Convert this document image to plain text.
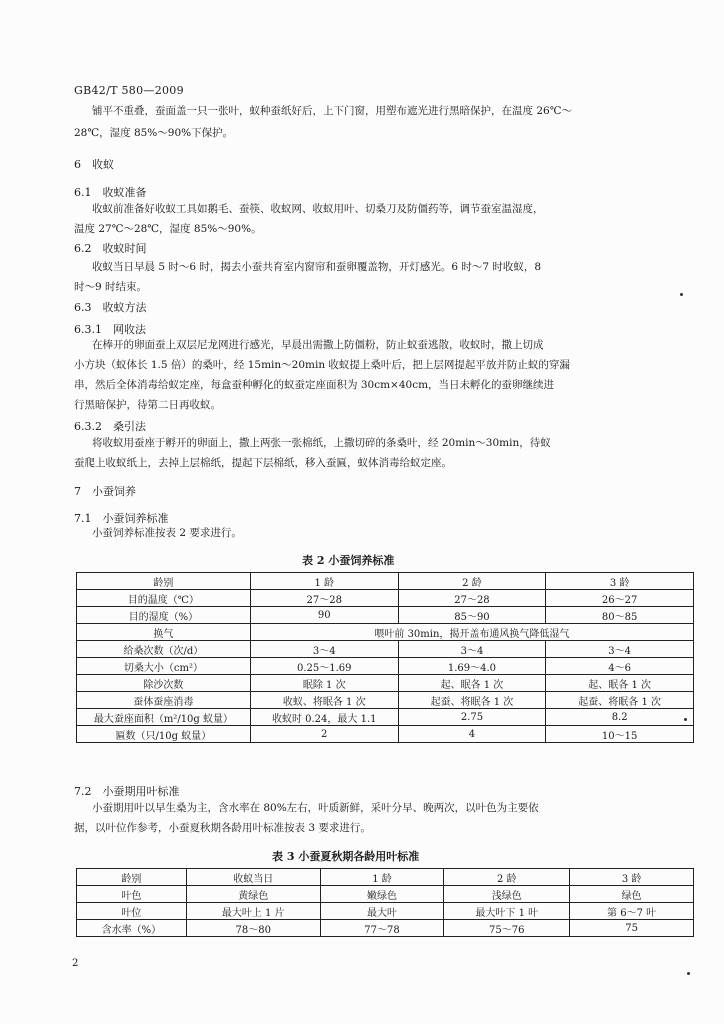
GB42/T 580—2009
铺平不重叠，蚕面盖一只一张叶，蚁种蚕纸好后，上下门窗，用塑布遮光进行黑暗保护，在温度 26℃～
28℃，湿度 85%～90%下保护。
6　收蚁
6.1　收蚁准备
收蚁前准备好收蚁工具如鹅毛、蚕筷、收蚁网、收蚁用叶、切桑刀及防僵药等，调节蚕室温湿度，
温度 27℃～28℃，湿度 85%～90%。
6.2　收蚁时间
收蚁当日早晨 5 时～6 时，揭去小蚕共育室内窗帘和蚕卵覆盖物，开灯感光。6 时～7 时收蚁，8
时～9 时结束。
6.3　收蚁方法
6.3.1　网收法
在棒开的卵面蚕上双层尼龙网进行感光，早晨出需撒上防僵粉，防止蚁蚕逃散，收蚁时，撒上切成
小方块（蚁体长 1.5 倍）的桑叶，经 15min～20min 收蚁提上桑叶后，把上层网提起平放并防止蚁的穿漏
串，然后全体消毒给蚁定座，每盒蚕种孵化的蚁蚕定座面积为 30cm×40cm，当日未孵化的蚕卵继续进
行黑暗保护，待第二日再收蚁。
6.3.2　桑引法
将收蚁用蚕座于孵开的卵面上，撒上两张一张棉纸，上撒切碎的条桑叶，经 20min～30min，待蚁
蚕爬上收蚁纸上，去掉上层棉纸，提起下层棉纸，移入蚕匾，蚁体消毒给蚁定座。
7　小蚕饲养
7.1　小蚕饲养标准
小蚕饲养标准按表 2 要求进行。
表 2 小蚕饲养标准
龄别	1 龄	2 龄	3 龄
目的温度（℃）	27～28	27～28	26～27
目的湿度（%）	90	85～90	80～85
换气	喂叶前 30min，揭开盖布通风换气降低湿气		
给桑次数（次/d）	3～4	3～4	3～4
切桑大小（cm²）	0.25～1.69	1.69～4.0	4～6
除沙次数	眠除 1 次	起、眠各 1 次	起、眠各 1 次
蚕体蚕座消毒	收蚁、将眠各 1 次	起蚕、将眠各 1 次	起蚕、将眠各 1 次
最大蚕座面积（m²/10g 蚁量）	收蚁时 0.24，最大 1.1	2.75	8.2
匾数（只/10g 蚁量）	2	4	10～15
7.2　小蚕期用叶标准
小蚕期用叶以早生桑为主，含水率在 80%左右，叶质新鲜，采叶分早、晚两次，以叶色为主要依
据，以叶位作参考，小蚕夏秋期各龄用叶标准按表 3 要求进行。
表 3 小蚕夏秋期各龄用叶标准
龄别	收蚁当日	1 龄	2 龄	3 龄
叶色	黄绿色	嫩绿色	浅绿色	绿色
叶位	最大叶上 1 片	最大叶	最大叶下 1 叶	第 6～7 叶
含水率（%）	78～80	77～78	75～76	75
2
